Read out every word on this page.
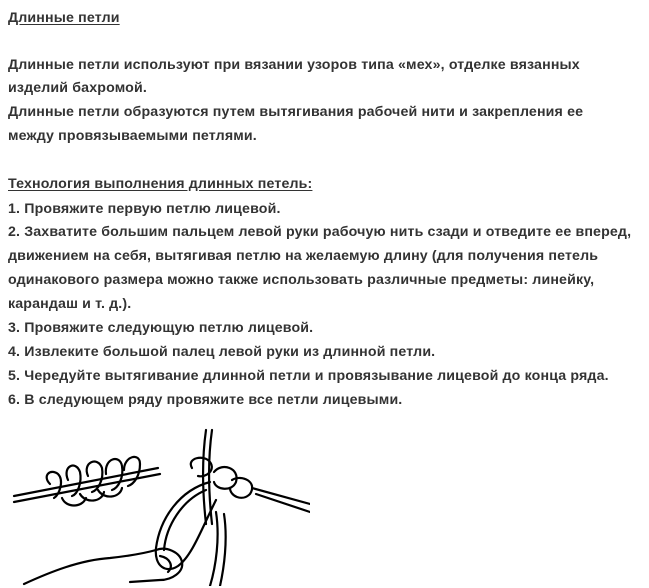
Длинные петли
Длинные петли используют при вязании узоров типа «мех», отделке вязанных
изделий бахромой.
Длинные петли образуются путем вытягивания рабочей нити и закрепления ее
между провязываемыми петлями.
Технология выполнения длинных петель:
1. Провяжите первую петлю лицевой.
2. Захватите большим пальцем левой руки рабочую нить сзади и отведите ее вперед,
движением на себя, вытягивая петлю на желаемую длину (для получения петель
одинакового размера можно также использовать различные предметы: линейку,
карандаш и т. д.).
3. Провяжите следующую петлю лицевой.
4. Извлеките большой палец левой руки из длинной петли.
5. Чередуйте вытягивание длинной петли и провязывание лицевой до конца ряда.
6. В следующем ряду провяжите все петли лицевыми.
